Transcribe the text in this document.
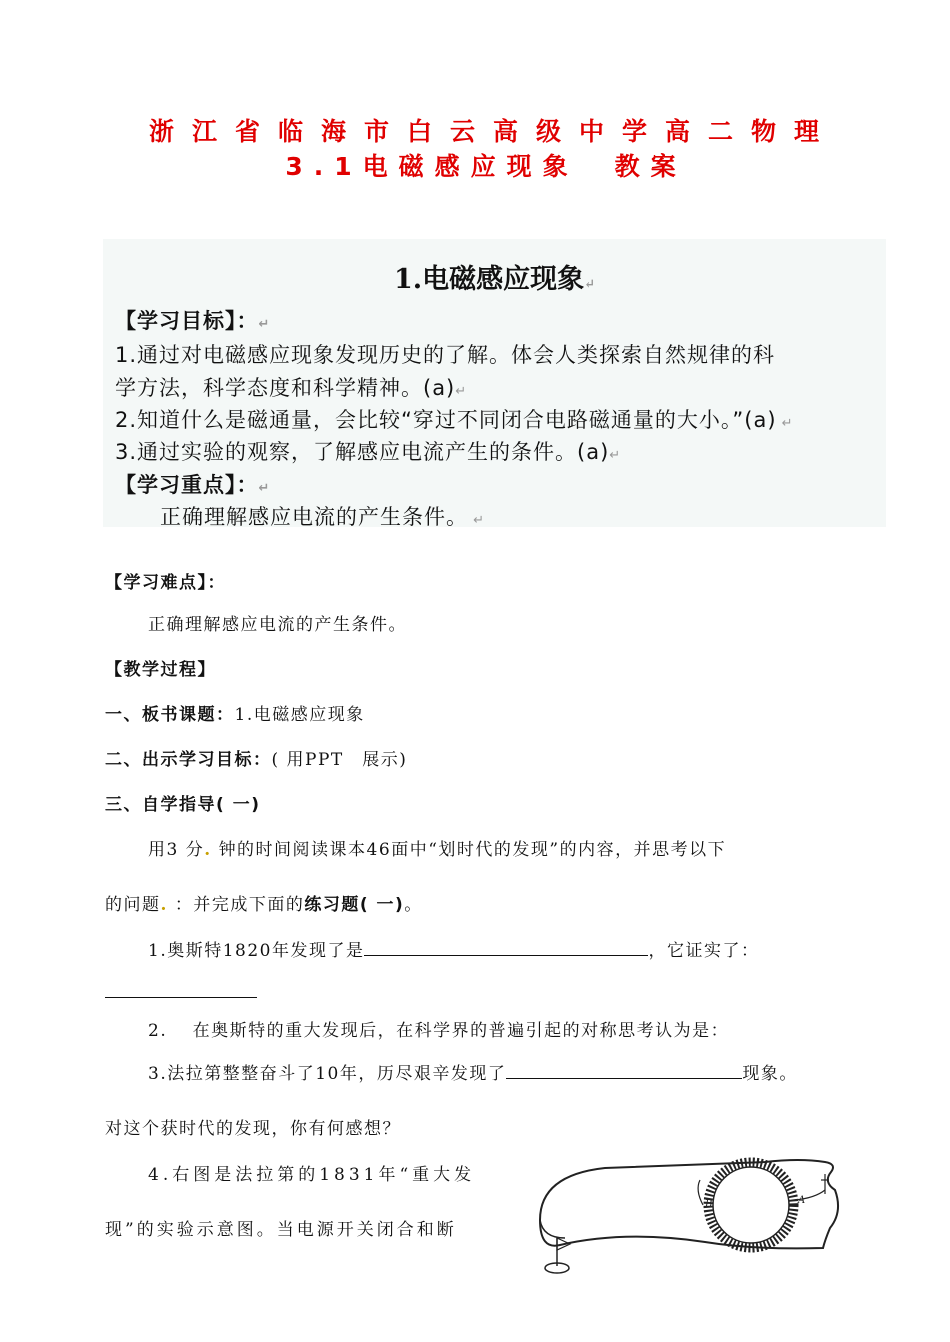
浙江省临海市白云高级中学高二物理
3.1电磁感应现象　教案
1.电磁感应现象↵
【学习目标】：↵
1.通过对电磁感应现象发现历史的了解。体会人类探索自然规律的科
学方法，科学态度和科学精神。(a)↵
2.知道什么是磁通量，会比较“穿过不同闭合电路磁通量的大小。”(a) ↵
3.通过实验的观察，了解感应电流产生的条件。(a)↵
【学习重点】：↵
正确理解感应电流的产生条件。 ↵
【学习难点】：
正确理解感应电流的产生条件。
【教学过程】
一、板书课题：1.电磁感应现象
二、出示学习目标：( 用PPT　展示)
三、自学指导( 一)
用3 分. 钟的时间阅读课本46面中“划时代的发现”的内容，并思考以下
的问题. ：并完成下面的练习题( 一)。
1.奥斯特1820年发现了是	，它证实了：
2.　 在奥斯特的重大发现后，在科学界的普遍引起的对称思考认为是：
3.法拉第整整奋斗了10年，历尽艰辛发现了	现象。
对这个获时代的发现，你有何感想？
4.右图是法拉第的1831年“重大发
现”的实验示意图。当电源开关闭合和断
B	A
